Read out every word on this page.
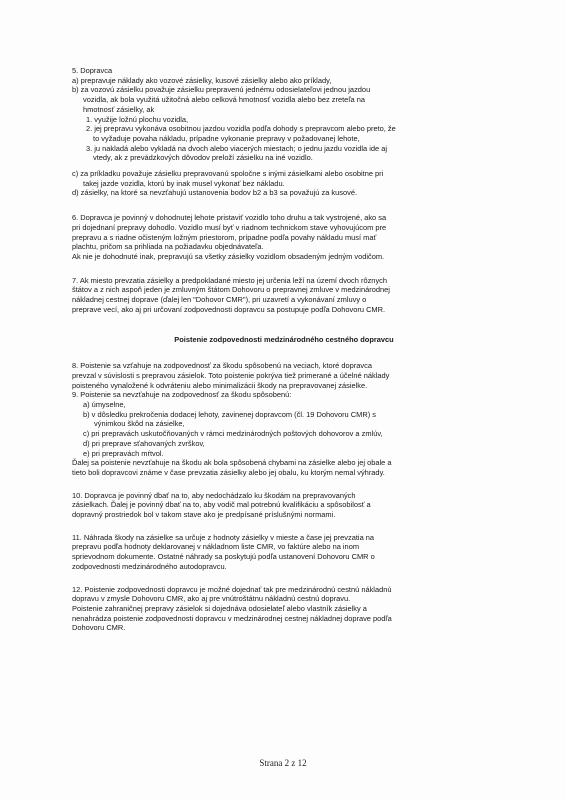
5. Dopravca

a) prepravuje náklady ako vozové zásielky, kusové zásielky alebo ako príklady,

b) za vozovú zásielku považuje zásielku prepravenú jednému odosielateľovi jednou jazdou

vozidla, ak bola využitá užitočná alebo celková hmotnosť vozidla alebo bez zreteľa na

hmotnosť zásielky, ak

1. využije ložnú plochu vozidla,

2. jej prepravu vykonáva osobitnou jazdou vozidla podľa dohody s prepravcom alebo preto, že

to vyžaduje povaha nákladu, prípadne vykonanie prepravy v požadovanej lehote,

3. ju nakladá alebo vykladá na dvoch alebo viacerých miestach; o jednu jazdu vozidla ide aj

vtedy, ak z prevádzkových dôvodov preloží zásielku na iné vozidlo.

c) za príkladku považuje zásielku prepravovanú spoločne s inými zásielkami alebo osobitne pri

takej jazde vozidla, ktorú by inak musel vykonať bez nákladu.

d) zásielky, na ktoré sa nevzťahujú ustanovenia bodov b2 a b3 sa považujú za kusové.

6. Dopravca je povinný v dohodnutej lehote pristaviť vozidlo toho druhu a tak vystrojené, ako sa

pri dojednaní prepravy dohodlo. Vozidlo musí byť v riadnom technickom stave vyhovujúcom pre

prepravu a s riadne očisteným ložným priestorom, prípadne podľa povahy nákladu musí mať

plachtu, pričom sa prihliada na požiadavku objednávateľa.

Ak nie je dohodnuté inak, prepravujú sa všetky zásielky vozidlom obsadeným jedným vodičom.

7. Ak miesto prevzatia zásielky a predpokladané miesto jej určenia leží na území dvoch rôznych

štátov a z nich aspoň jeden je zmluvným štátom Dohovoru o prepravnej zmluve v medzinárodnej

nákladnej cestnej doprave (ďalej len "Dohovor CMR"), pri uzavretí a vykonávaní zmluvy o

preprave vecí, ako aj pri určovaní zodpovednosti dopravcu sa postupuje podľa Dohovoru CMR.

Poistenie zodpovednosti medzinárodného cestného dopravcu

8. Poistenie sa vzťahuje na zodpovednosť za škodu spôsobenú na veciach, ktoré dopravca

prevzal v súvislosti s prepravou zásielok. Toto poistenie pokrýva tiež primerané a účelné náklady

poisteného vynaložené k odvráteniu alebo minimalizácii škody na prepravovanej zásielke.

9. Poistenie sa nevzťahuje na zodpovednosť za škodu spôsobenú:

a) úmyselne,

b) v dôsledku prekročenia dodacej lehoty, zavinenej dopravcom (čl. 19 Dohovoru CMR) s

výnimkou škôd na zásielke,

c) pri prepravách uskutočňovaných v rámci medzinárodných poštových dohovorov a zmlúv,

d) pri preprave sťahovaných zvrškov,

e) pri prepravách mŕtvol.

Ďalej sa poistenie nevzťahuje na škodu ak bola spôsobená chybami na zásielke alebo jej obale a

tieto boli dopravcovi známe v čase prevzatia zásielky alebo jej obalu, ku ktorým nemal výhrady.

10. Dopravca je povinný dbať na to, aby nedochádzalo ku škodám na prepravovaných

zásielkach. Ďalej je povinný dbať na to, aby vodič mal potrebnú kvalifikáciu a spôsobilosť a

dopravný prostriedok bol v takom stave ako je predpísané príslušnými normami.

11. Náhrada škody na zásielke sa určuje z hodnoty zásielky v mieste a čase jej prevzatia na

prepravu podľa hodnoty deklarovanej v nákladnom liste CMR, vo faktúre alebo na inom

sprievodnom dokumente. Ostatné náhrady sa poskytujú podľa ustanovení Dohovoru CMR o

zodpovednosti medzinárodného autodopravcu.

12. Poistenie zodpovednosti dopravcu je možné dojednať tak pre medzinárodnú cestnú nákladnú

dopravu v zmysle Dohovoru CMR, ako aj pre vnútroštátnu nákladnú cestnú dopravu.

Poistenie zahraničnej prepravy zásielok si dojednáva odosielateľ alebo vlastník zásielky a

nenahrádza poistenie zodpovednosti dopravcu v medzinárodnej cestnej nákladnej doprave podľa

Dohovoru CMR.

Strana 2 z 12
